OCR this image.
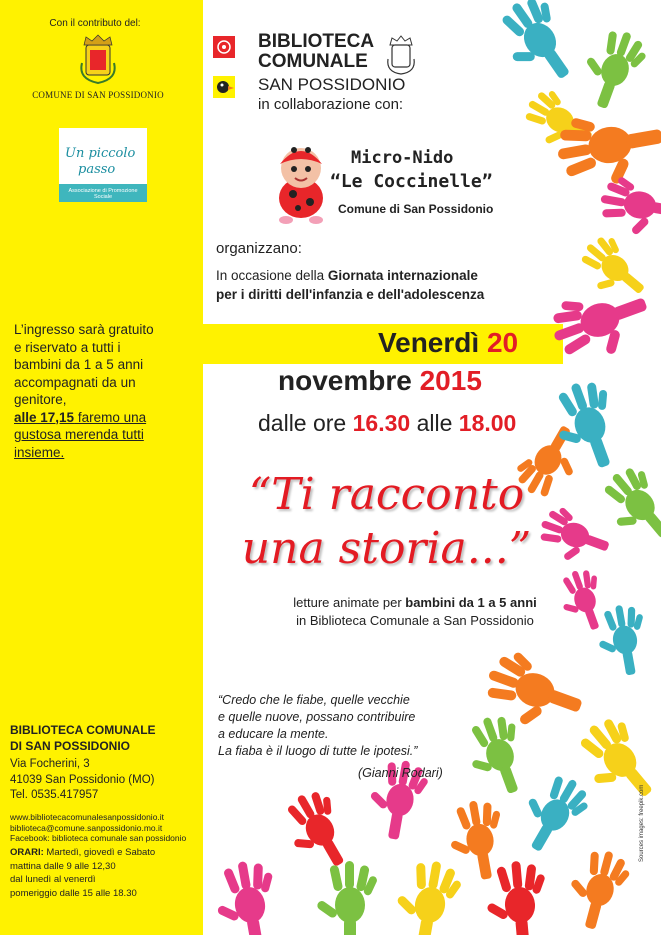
Con il contributo del:
COMUNE DI SAN POSSIDONIO
Un piccolo
passo
Associazione di Promozione Sociale
L’ingresso sarà gratuito
e riservato a tutti i
bambini da 1 a 5 anni
accompagnati da un
genitore,
alle 17,15 faremo una
gustosa merenda tutti
insieme.
BIBLIOTECA COMUNALE
DI SAN POSSIDONIO
Via Focherini, 3
41039 San Possidonio (MO)
Tel. 0535.417957
www.bibliotecacomunalesanpossidonio.it
biblioteca@comune.sanpossidonio.mo.it
Facebook: biblioteca comunale san possidonio
ORARI: Martedì, giovedì e Sabato
mattina dalle 9 alle 12,30
dal lunedì al venerdì
pomeriggio dalle 15 alle 18.30
BIBLIOTECA
COMUNALE
SAN POSSIDONIO
in collaborazione con:
Micro-Nido
“Le Coccinelle”
Comune di San Possidonio
organizzano:
In occasione della Giornata internazionale
per i diritti dell'infanzia e dell'adolescenza
Venerdì 20
novembre 2015
dalle ore 16.30 alle 18.00
“Ti racconto
una storia...”
letture animate per bambini da 1 a 5 anni
in Biblioteca Comunale a San Possidonio
“Credo che le fiabe, quelle vecchie
e quelle nuove, possano contribuire
a educare la mente.
La fiaba è il luogo di tutte le ipotesi.”
(Gianni Rodari)
Sources images: freepik.com
